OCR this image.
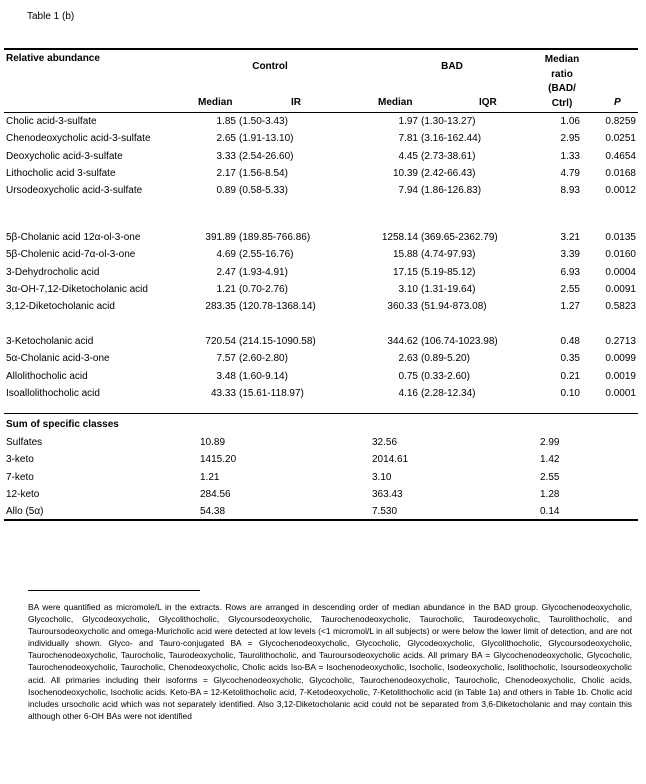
Table 1 (b)
Relative abundance
Control	BAD
Median
ratio
(BAD/
Ctrl)
Median	IR	Median	IQR	P
Cholic acid-3-sulfate	1.85 (1.50-3.43)	1.97 (1.30-13.27)	1.06	0.8259
Chenodeoxycholic acid-3-sulfate	2.65 (1.91-13.10)	7.81 (3.16-162.44)	2.95	0.0251
Deoxycholic acid-3-sulfate	3.33 (2.54-26.60)	4.45 (2.73-38.61)	1.33	0.4654
Lithocholic acid 3-sulfate	2.17 (1.56-8.54)	10.39 (2.42-66.43)	4.79	0.0168
Ursodeoxycholic acid-3-sulfate	0.89 (0.58-5.33)	7.94 (1.86-126.83)	8.93	0.0012
5β-Cholanic acid 12α-ol-3-one	391.89 (189.85-766.86)	1258.14 (369.65-2362.79)	3.21	0.0135
5β-Cholenic acid-7α-ol-3-one	4.69 (2.55-16.76)	15.88 (4.74-97.93)	3.39	0.0160
3-Dehydrocholic acid	2.47 (1.93-4.91)	17.15 (5.19-85.12)	6.93	0.0004
3α-OH-7,12-Diketocholanic acid	1.21 (0.70-2.76)	3.10 (1.31-19.64)	2.55	0.0091
3,12-Diketocholanic acid	283.35 (120.78-1368.14)	360.33 (51.94-873.08)	1.27	0.5823
3-Ketocholanic acid	720.54 (214.15-1090.58)	344.62 (106.74-1023.98)	0.48	0.2713
5α-Cholanic acid-3-one	7.57 (2.60-2.80)	2.63 (0.89-5.20)	0.35	0.0099
Allolithocholic acid	3.48 (1.60-9.14)	0.75 (0.33-2.60)	0.21	0.0019
Isoallolithocholic acid	43.33 (15.61-118.97)	4.16 (2.28-12.34)	0.10	0.0001
Sum of specific classes
Sulfates	10.89	32.56	2.99
3-keto	1415.20	2014.61	1.42
7-keto	1.21	3.10	2.55
12-keto	284.56	363.43	1.28
Allo (5α)	54.38	7.530	0.14
BA were quantified as micromole/L in the extracts. Rows are arranged in descending order of median abundance in the BAD group. Glycochenodeoxycholic, Glycocholic, Glycodeoxycholic, Glycolithocholic, Glycoursodeoxycholic, Taurochenodeoxycholic, Taurocholic, Taurodeoxycholic, Taurolithocholic, and Tauroursodeoxycholic and omega-Muricholic acid were detected at low levels (<1 micromol/L in all subjects) or were below the lower limit of detection, and are not individually shown. Glyco- and Tauro-conjugated BA = Glycochenodeoxycholic, Glycocholic, Glycodeoxycholic, Glycolithocholic, Glycoursodeoxycholic, Taurochenodeoxycholic, Taurocholic, Taurodeoxycholic, Taurolithocholic, and Tauroursodeoxycholic acids. All primary BA = Glycochenodeoxycholic, Glycocholic, Taurochenodeoxycholic, Taurocholic, Chenodeoxycholic, Cholic acids Iso-BA = Isochenodeoxycholic, Isocholic, Isodeoxycholic, Isolithocholic, Isoursodeoxycholic acid. All primaries including their isoforms = Glycochenodeoxycholic, Glycocholic, Taurochenodeoxycholic, Taurocholic, Chenodeoxycholic, Cholic acids, Isochenodeoxycholic, Isocholic acids. Keto-BA = 12-Ketolithocholic acid, 7-Ketodeoxycholic, 7-Ketolithocholic acid (in Table 1a) and others in Table 1b. Cholic acid includes ursocholic acid which was not separately identified. Also 3,12-Diketocholanic acid could not be separated from 3,6-Diketocholanic and may contain this although other 6-OH BAs were not identified
